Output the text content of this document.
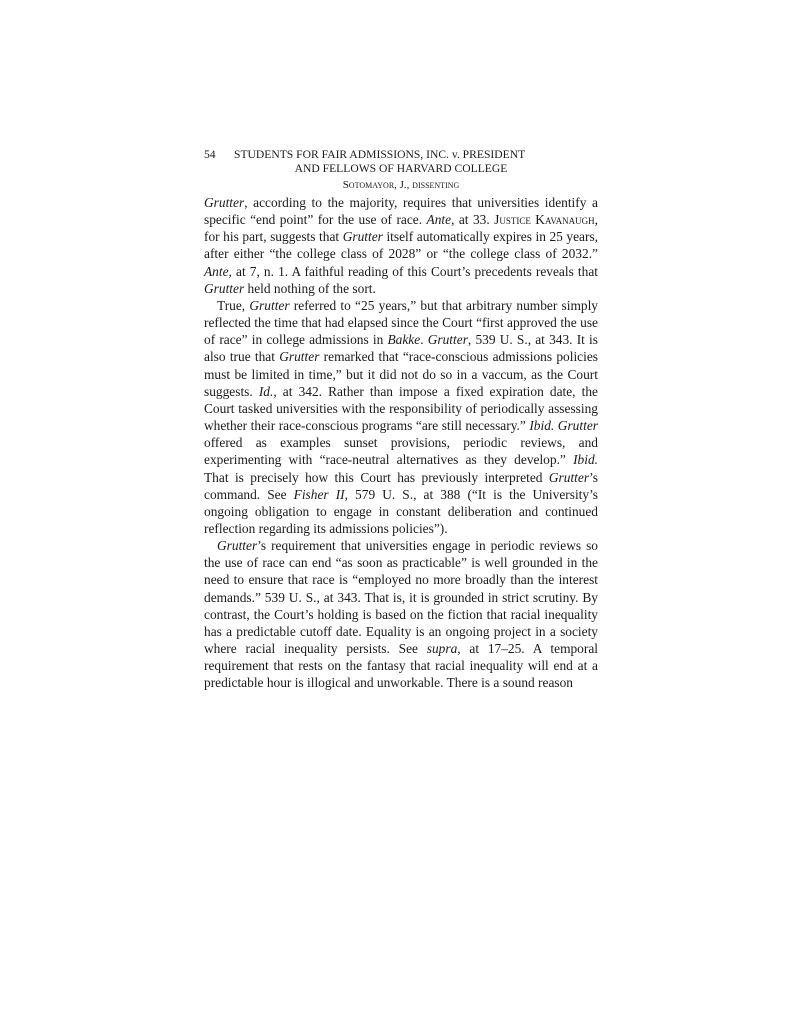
54 STUDENTS FOR FAIR ADMISSIONS, INC. v. PRESIDENT
AND FELLOWS OF HARVARD COLLEGE
Sotomayor, J., dissenting

Grutter, according to the majority, requires that universities identify a specific “end point” for the use of race. Ante, at 33. Justice Kavanaugh, for his part, suggests that Grutter itself automatically expires in 25 years, after either “the college class of 2028” or “the college class of 2032.” Ante, at 7, n. 1. A faithful reading of this Court’s precedents reveals that Grutter held nothing of the sort.

True, Grutter referred to “25 years,” but that arbitrary number simply reflected the time that had elapsed since the Court “first approved the use of race” in college admissions in Bakke. Grutter, 539 U. S., at 343. It is also true that Grutter remarked that “race-conscious admissions policies must be limited in time,” but it did not do so in a vaccum, as the Court suggests. Id., at 342. Rather than impose a fixed expiration date, the Court tasked universities with the responsibility of periodically assessing whether their race-conscious programs “are still necessary.” Ibid. Grutter offered as examples sunset provisions, periodic reviews, and experimenting with “race-neutral alternatives as they develop.” Ibid. That is precisely how this Court has previously interpreted Grutter’s command. See Fisher II, 579 U. S., at 388 (“It is the University’s ongoing obligation to engage in constant deliberation and continued reflection regarding its admissions policies”).

Grutter’s requirement that universities engage in periodic reviews so the use of race can end “as soon as practicable” is well grounded in the need to ensure that race is “employed no more broadly than the interest demands.” 539 U. S., at 343. That is, it is grounded in strict scrutiny. By contrast, the Court’s holding is based on the fiction that racial inequality has a predictable cutoff date. Equality is an ongoing project in a society where racial inequality persists. See supra, at 17–25. A temporal requirement that rests on the fantasy that racial inequality will end at a predictable hour is illogical and unworkable. There is a sound reason
